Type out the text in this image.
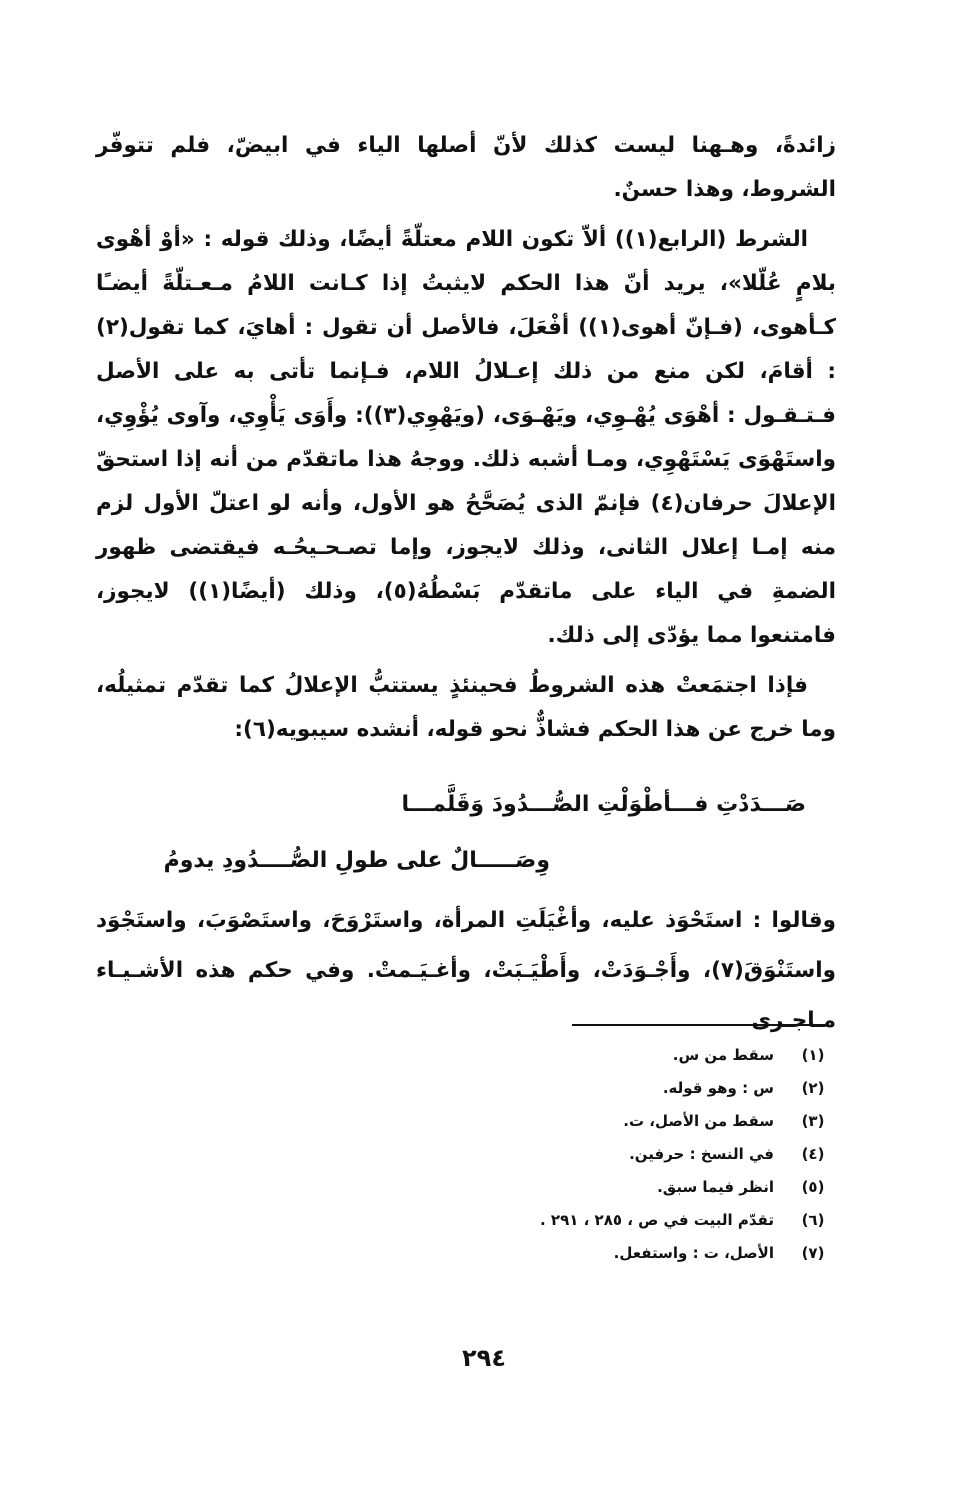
زائدةً، وهـهنا ليست كذلك لأنّ أصلها الياء في ابيضّ، فلم تتوفّر الشروط، وهذا حسنٌ.

الشرط (الرابع(١)) ألاّ تكون اللام معتلّةً أيضًا، وذلك قوله : «أوْ أهْوى بلامٍ عُلّلا»، يريد أنّ هذا الحكم لايثبتُ إذا كـانت اللامُ مـعـتلّةً أيضـًا كـأهوى، (فـإنّ أهوى(١)) أفْعَلَ، فالأصل أن تقول : أهايَ، كما تقول(٢) : أقامَ، لكن منع من ذلك إعـلالُ اللام، فـإنما تأتى به على الأصل فـتـقـول : أهْوَى يُهْـوِي، ويَهْـوَى، (ويَهْوِي(٣)): وأَوَى يَأْوِي، وآوى يُؤْوِي، واستَهْوَى يَسْتَهْوِي، ومـا أشبه ذلك. ووجهُ هذا ماتقدّم من أنه إذا استحقّ الإعلالَ حرفان(٤) فإنمّ الذى يُصَحَّحُ هو الأول، وأنه لو اعتلّ الأول لزم منه إمـا إعلال الثانى، وذلك لايجوز، وإما تصـحـيحُـه فيقتضى ظهور الضمةِ في الياء على ماتقدّم بَسْطُهُ(٥)، وذلك (أيضًا(١)) لايجوز، فامتنعوا مما يؤدّى إلى ذلك.

فإذا اجتمَعتْ هذه الشروطُ فحينئذٍ يستتبُّ الإعلالُ كما تقدّم تمثيلُه، وما خرج عن هذا الحكم فشاذٌّ نحو قوله، أنشده سيبويه(٦):

صَـــدَدْتِ فـــأطْوَلْتِ الصُّـــدُودَ وَقَلَّمـــا
وِصَـــــالٌ على طولِ الصُّــــدُودِ يدومُ
وقالوا : استَحْوَذ عليه، وأغْيَلَتِ المرأة، واستَرْوَحَ، واستَصْوَبَ، واستَجْوَد واستَنْوَقَ(٧)، وأَجْـوَدَتْ، وأَطْيَـبَتْ، وأغـيَـمتْ. وفي حكم هذه الأشـيـاء مـاجـرى
(١)
سقط من س.
(٢)
س : وهو قوله.
(٣)
سقط من الأصل، ت.
(٤)
في النسخ : حرفين.
(٥)
انظر فيما سبق.
(٦)
تقدّم البيت في ص ، ٢٨٥ ، ٢٩١ .
(٧)
الأصل، ت : واستفعل.
٢٩٤
